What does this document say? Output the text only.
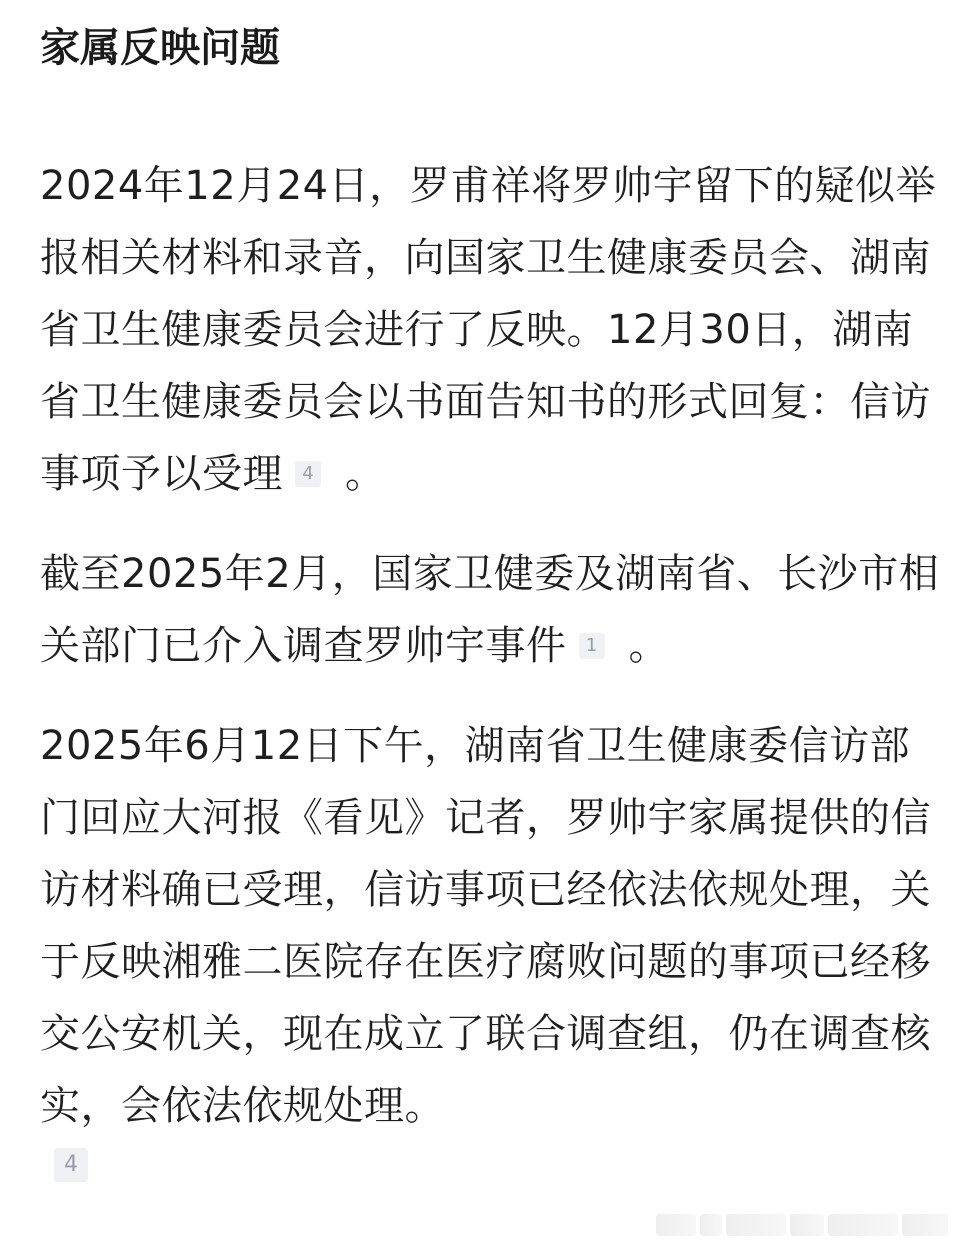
家属反映问题

2024年12月24日，罗甫祥将罗帅宇留下的疑似举报相关材料和录音，向国家卫生健康委员会、湖南省卫生健康委员会进行了反映。12月30日，湖南省卫生健康委员会以书面告知书的形式回复：信访事项予以受理 4 。

截至2025年2月，国家卫健委及湖南省、长沙市相关部门已介入调查罗帅宇事件 1 。

2025年6月12日下午，湖南省卫生健康委信访部门回应大河报《看见》记者，罗帅宇家属提供的信访材料确已受理，信访事项已经依法依规处理，关于反映湘雅二医院存在医疗腐败问题的事项已经移交公安机关，现在成立了联合调查组，仍在调查核实，会依法依规处理。

4
